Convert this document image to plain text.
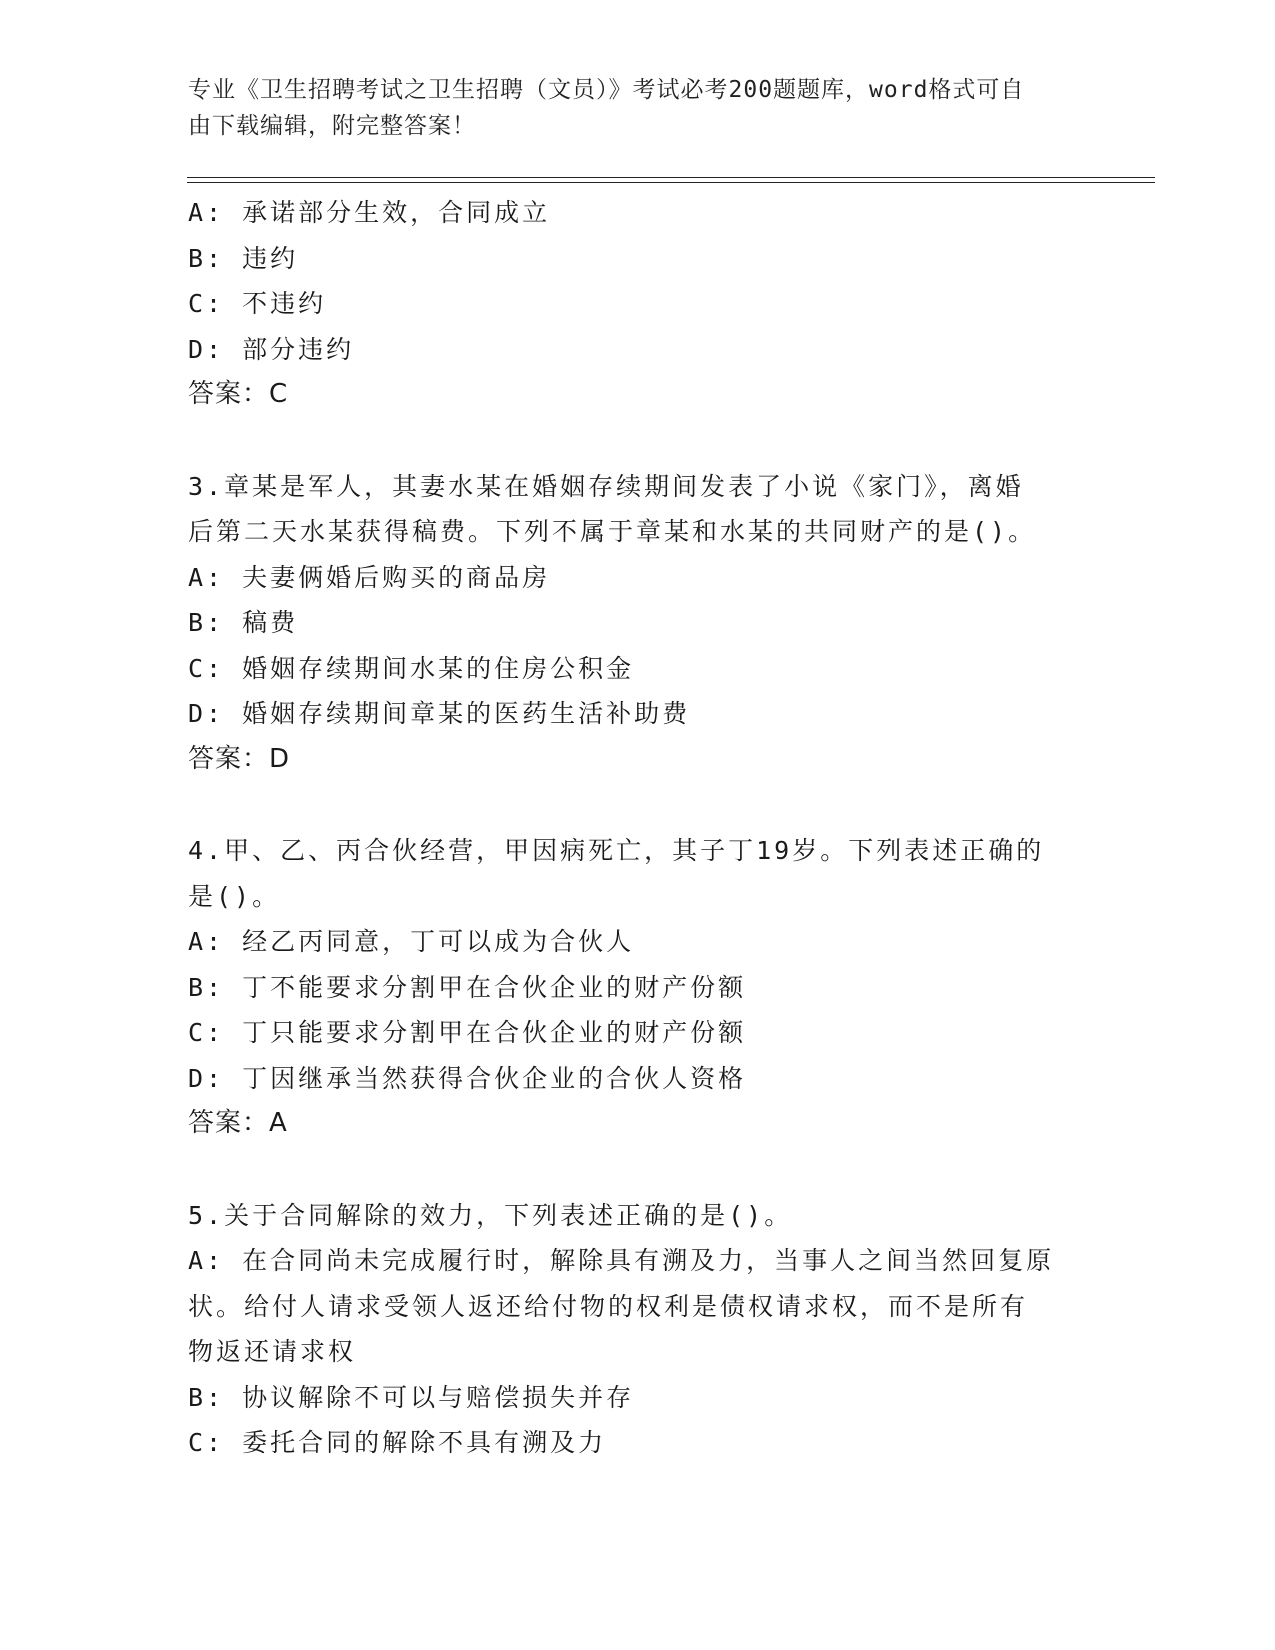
专业《卫生招聘考试之卫生招聘（文员）》考试必考200题题库，word格式可自
由下载编辑，附完整答案！
A: 承诺部分生效，合同成立
B: 违约
C: 不违约
D: 部分违约
答案：C
3.章某是军人，其妻水某在婚姻存续期间发表了小说《家门》，离婚
后第二天水某获得稿费。下列不属于章某和水某的共同财产的是()。
A: 夫妻俩婚后购买的商品房
B: 稿费
C: 婚姻存续期间水某的住房公积金
D: 婚姻存续期间章某的医药生活补助费
答案：D
4.甲、乙、丙合伙经营，甲因病死亡，其子丁19岁。下列表述正确的
是()。
A: 经乙丙同意，丁可以成为合伙人
B: 丁不能要求分割甲在合伙企业的财产份额
C: 丁只能要求分割甲在合伙企业的财产份额
D: 丁因继承当然获得合伙企业的合伙人资格
答案：A
5.关于合同解除的效力，下列表述正确的是()。
A: 在合同尚未完成履行时，解除具有溯及力，当事人之间当然回复原
状。给付人请求受领人返还给付物的权利是债权请求权，而不是所有
物返还请求权
B: 协议解除不可以与赔偿损失并存
C: 委托合同的解除不具有溯及力
